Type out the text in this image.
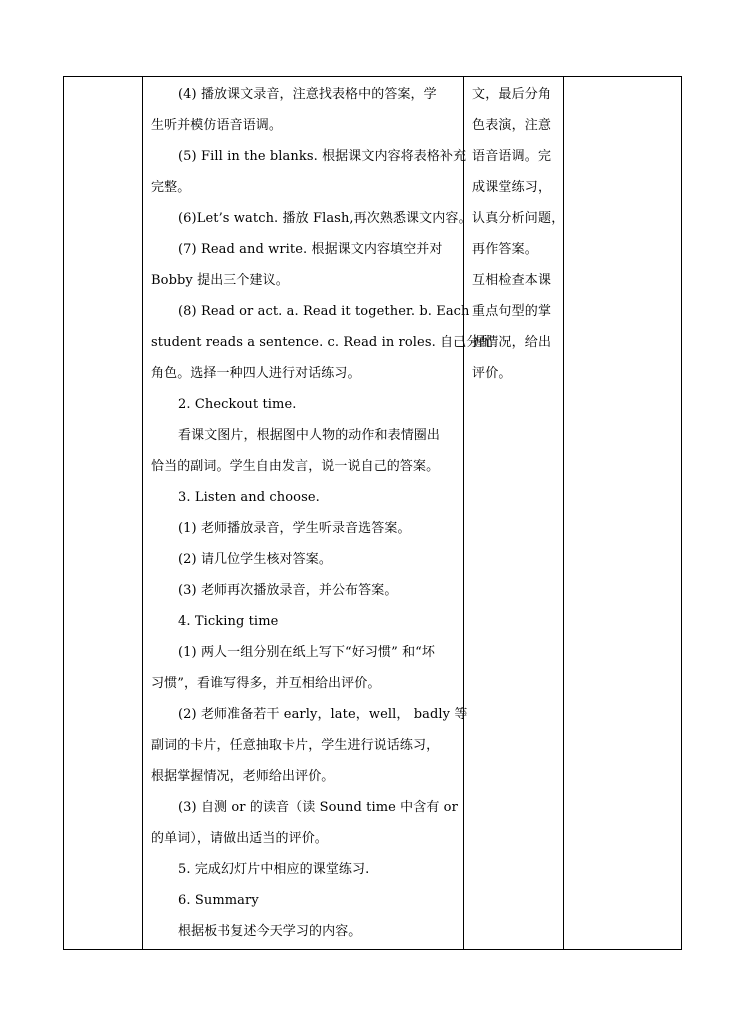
(4) 播放课文录音，注意找表格中的答案，学
生听并模仿语音语调。
(5) Fill in the blanks. 根据课文内容将表格补充
完整。
(6)Let’s watch. 播放 Flash,再次熟悉课文内容。
(7) Read and write. 根据课文内容填空并对
Bobby 提出三个建议。
(8) Read or act. a. Read it together. b. Each
student reads a sentence. c. Read in roles. 自己分配
角色。选择一种四人进行对话练习。
2. Checkout time.
看课文图片，根据图中人物的动作和表情圈出
恰当的副词。学生自由发言，说一说自己的答案。
3. Listen and choose.
(1) 老师播放录音，学生听录音选答案。
(2) 请几位学生核对答案。
(3) 老师再次播放录音，并公布答案。
4. Ticking time
(1) 两人一组分别在纸上写下“好习惯” 和“坏
习惯”，看谁写得多，并互相给出评价。
(2) 老师准备若干 early，late，well， badly 等
副词的卡片，任意抽取卡片，学生进行说话练习，
根据掌握情况，老师给出评价。
(3) 自测 or 的读音（读 Sound time 中含有 or
的单词），请做出适当的评价。
5. 完成幻灯片中相应的课堂练习.
6. Summary
根据板书复述今天学习的内容。
文，最后分角
色表演，注意
语音语调。完
成课堂练习，
认真分析问题，
再作答案。
互相检查本课
重点句型的掌
握情况，给出
评价。
